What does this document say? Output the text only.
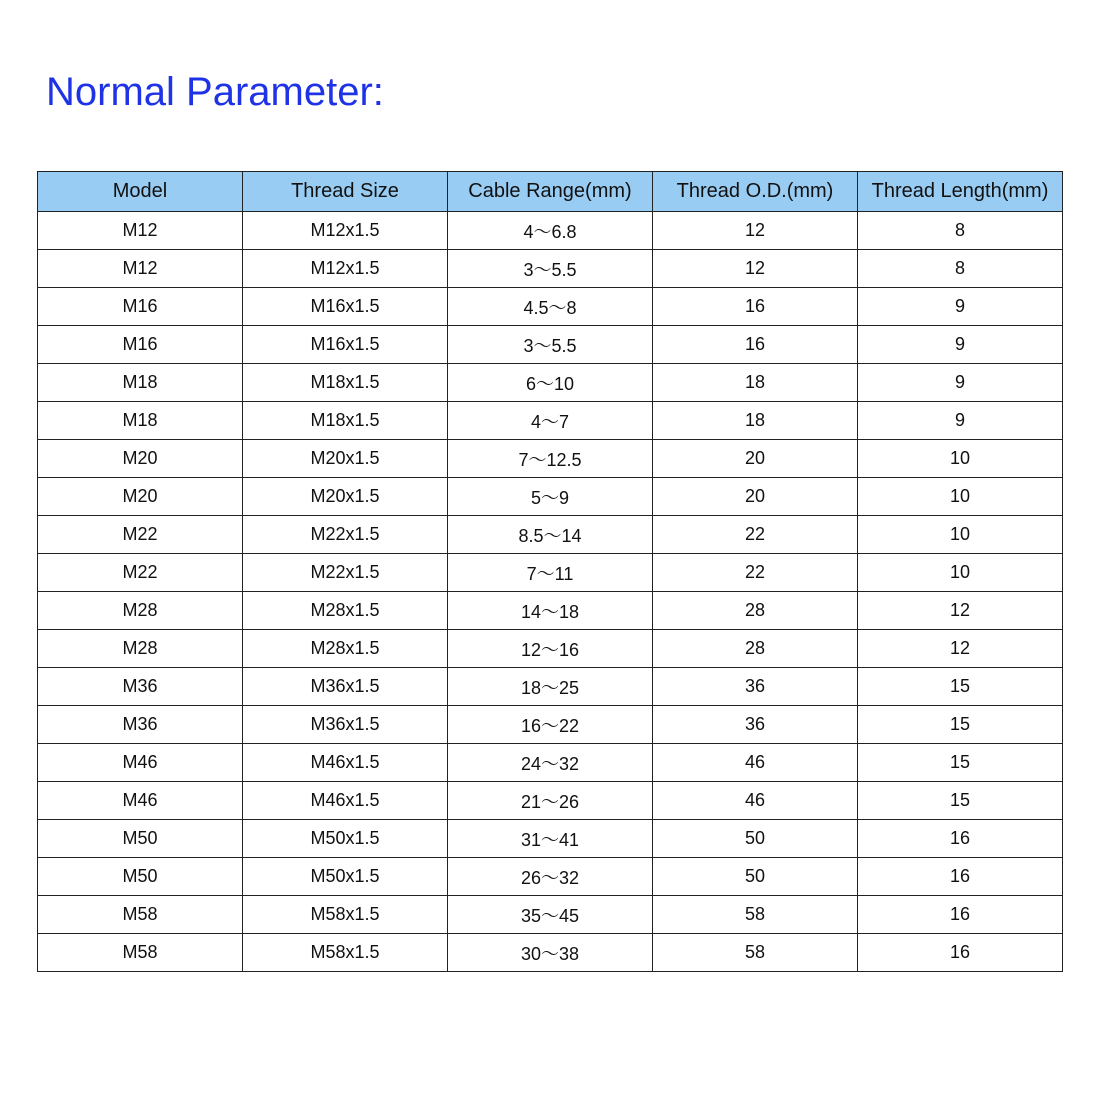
Normal Parameter:
Model	Thread Size	Cable Range(mm)	Thread O.D.(mm)	Thread Length(mm)
M12	M12x1.5	4～6.8	12	8
M12	M12x1.5	3～5.5	12	8
M16	M16x1.5	4.5～8	16	9
M16	M16x1.5	3～5.5	16	9
M18	M18x1.5	6～10	18	9
M18	M18x1.5	4～7	18	9
M20	M20x1.5	7～12.5	20	10
M20	M20x1.5	5～9	20	10
M22	M22x1.5	8.5～14	22	10
M22	M22x1.5	7～11	22	10
M28	M28x1.5	14～18	28	12
M28	M28x1.5	12～16	28	12
M36	M36x1.5	18～25	36	15
M36	M36x1.5	16～22	36	15
M46	M46x1.5	24～32	46	15
M46	M46x1.5	21～26	46	15
M50	M50x1.5	31～41	50	16
M50	M50x1.5	26～32	50	16
M58	M58x1.5	35～45	58	16
M58	M58x1.5	30～38	58	16
